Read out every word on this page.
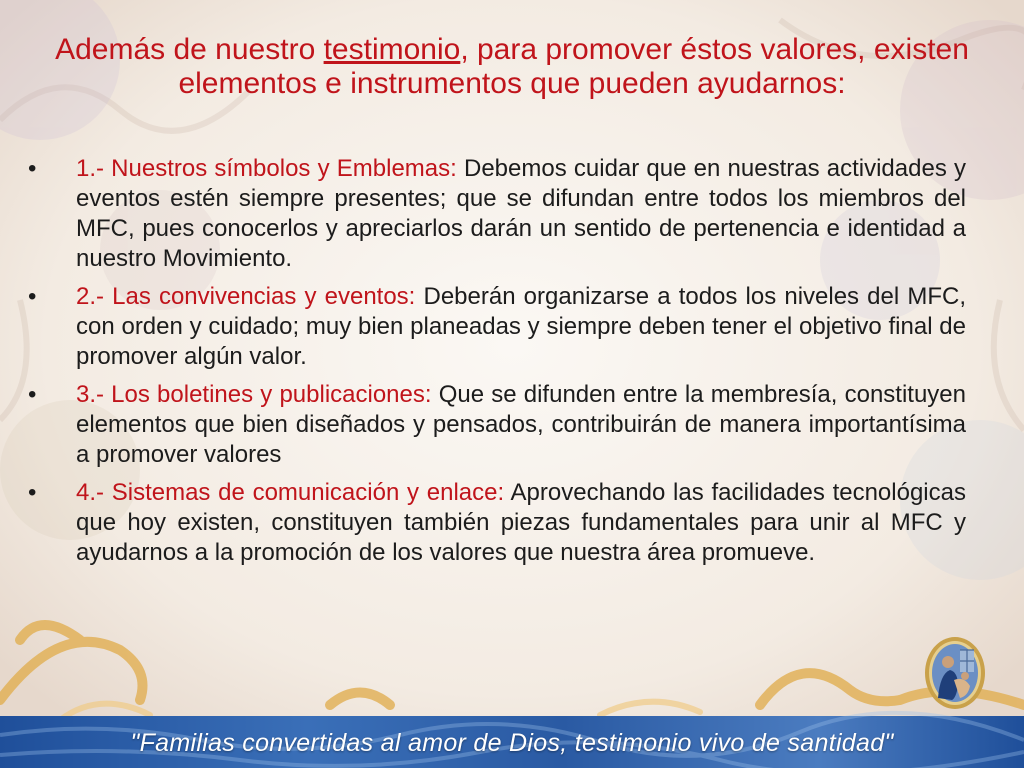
Además de nuestro testimonio, para promover éstos valores, existen elementos e instrumentos que pueden ayudarnos:
•	1.- Nuestros símbolos y Emblemas: Debemos cuidar que en nuestras actividades y eventos estén siempre presentes; que se difundan entre todos los miembros del MFC, pues conocerlos y apreciarlos darán un sentido de pertenencia e identidad a nuestro Movimiento.
•	2.- Las convivencias y eventos: Deberán organizarse a todos los niveles del MFC, con orden y cuidado; muy bien planeadas y siempre deben tener el objetivo final de promover algún valor.
•	3.- Los boletines y publicaciones: Que se difunden entre la membresía, constituyen elementos que bien diseñados y pensados, contribuirán de manera importantísima a promover valores
•	4.- Sistemas de comunicación y enlace: Aprovechando las facilidades tecnológicas que hoy existen, constituyen también piezas fundamentales para unir al MFC y ayudarnos a la promoción de los valores que nuestra área promueve.
"Familias convertidas al amor de Dios, testimonio vivo de santidad"
